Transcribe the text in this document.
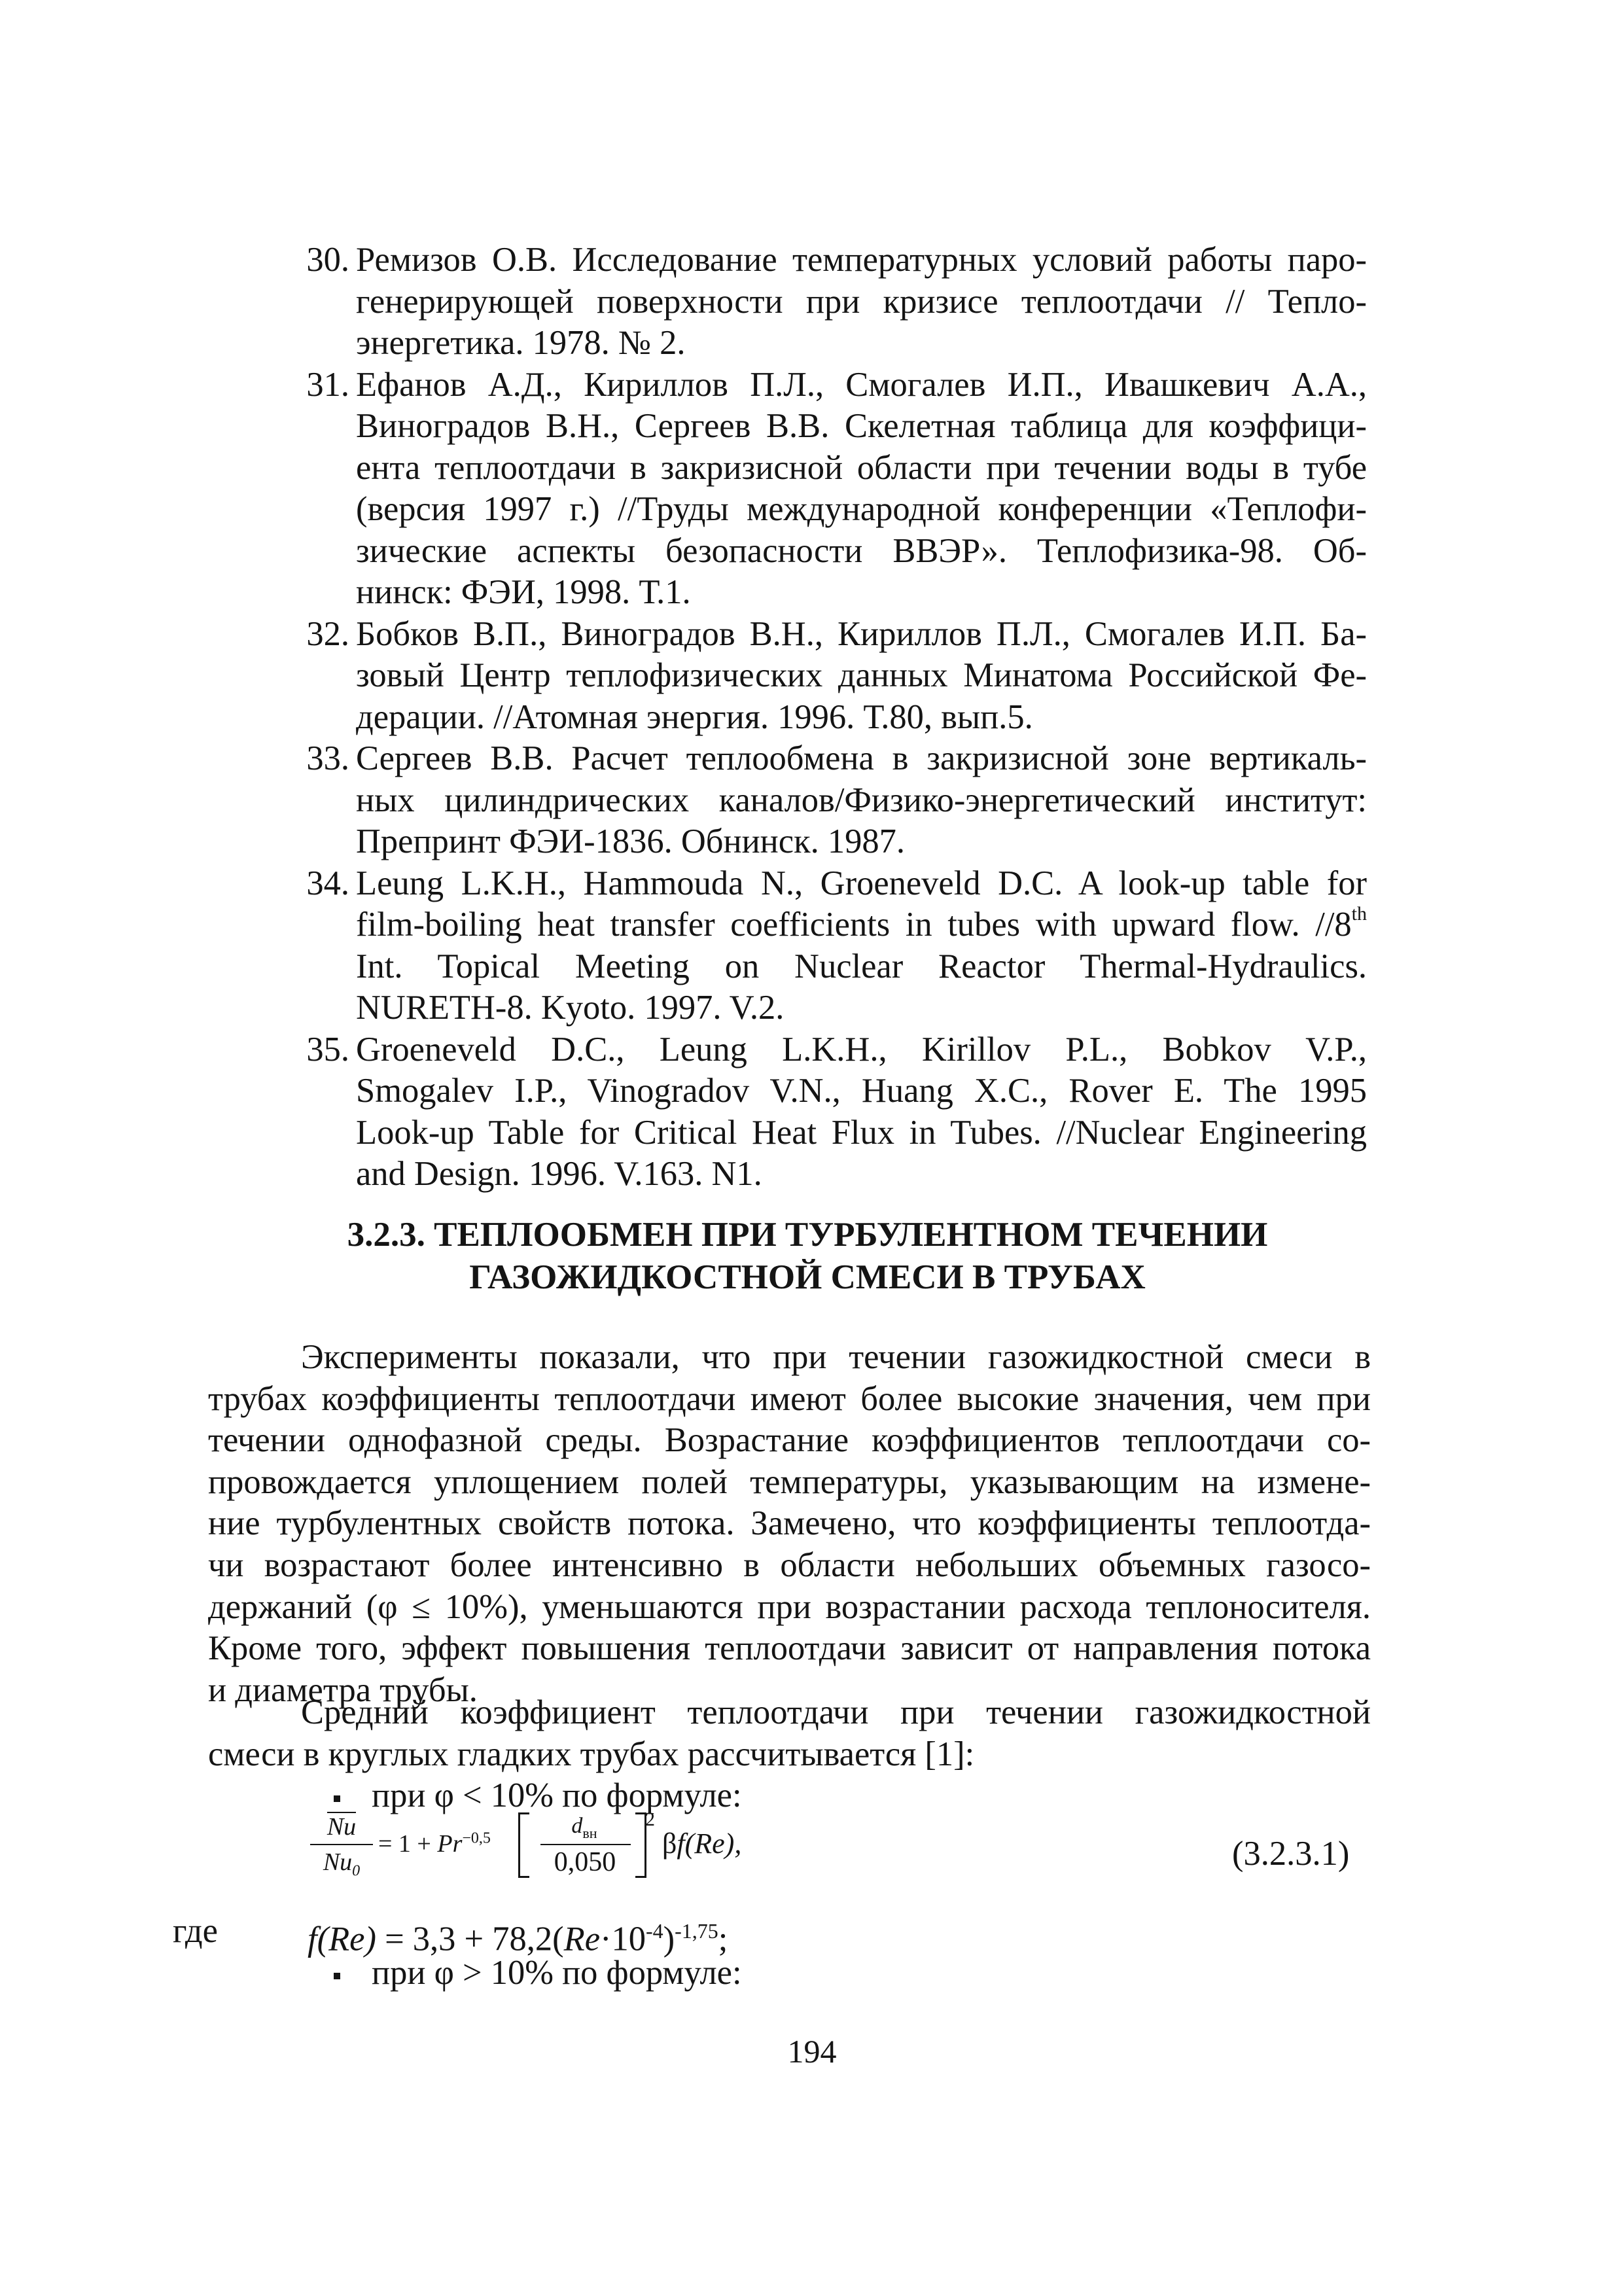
30. Ремизов О.В. Исследование температурных условий работы паро-
генерирующей поверхности при кризисе теплоотдачи // Тепло-
энергетика. 1978. № 2.
31. Ефанов А.Д., Кириллов П.Л., Смогалев И.П., Ивашкевич А.А.,
Виноградов В.Н., Сергеев В.В. Скелетная таблица для коэффици-
ента теплоотдачи в закризисной области при течении воды в тубе
(версия 1997 г.) //Труды международной конференции «Теплофи-
зические аспекты безопасности ВВЭР». Теплофизика-98. Об-
нинск: ФЭИ, 1998. Т.1.
32. Бобков В.П., Виноградов В.Н., Кириллов П.Л., Смогалев И.П. Ба-
зовый Центр теплофизических данных Минатома Российской Фе-
дерации. //Атомная энергия. 1996. Т.80, вып.5.
33. Сергеев В.В. Расчет теплообмена в закризисной зоне вертикаль-
ных цилиндрических каналов/Физико-энергетический институт:
Препринт ФЭИ-1836. Обнинск. 1987.
34. Leung L.K.H., Hammouda N., Groeneveld D.C. A look-up table for
film-boiling heat transfer coefficients in tubes with upward flow. //8th
Int. Topical Meeting on Nuclear Reactor Thermal-Hydraulics.
NURETH-8. Kyoto. 1997. V.2.
35. Groeneveld D.C., Leung L.K.H., Kirillov P.L., Bobkov V.P.,
Smogalev I.P., Vinogradov V.N., Huang X.C., Rover E. The 1995
Look-up Table for Critical Heat Flux in Tubes. //Nuclear Engineering
and Design. 1996. V.163. N1.
3.2.3. ТЕПЛООБМЕН ПРИ ТУРБУЛЕНТНОМ ТЕЧЕНИИ
ГАЗОЖИДКОСТНОЙ СМЕСИ В ТРУБАХ
Эксперименты показали, что при течении газожидкостной смеси в
трубах коэффициенты теплоотдачи имеют более высокие значения, чем при
течении однофазной среды. Возрастание коэффициентов теплоотдачи со-
провождается уплощением полей температуры, указывающим на измене-
ние турбулентных свойств потока. Замечено, что коэффициенты теплоотда-
чи возрастают более интенсивно в области небольших объемных газосо-
держаний (φ ≤ 10%), уменьшаются при возрастании расхода теплоносителя.
Кроме того, эффект повышения теплоотдачи зависит от направления потока
и диаметра трубы.
Средний коэффициент теплоотдачи при течении газожидкостной
смеси в круглых гладких трубах рассчитывается [1]:
при φ < 10% по формуле:
Nu
$Nu_0$
= $1 + Pr^{-0,5}$
$d_{вн}$
0,050
2
βf(Re),	(3.2.3.1)
где	$f(Re) = 3,3 + 78,2(Re\cdot 10^{-4})^{-1,75}$;
при φ > 10% по формуле:
194
